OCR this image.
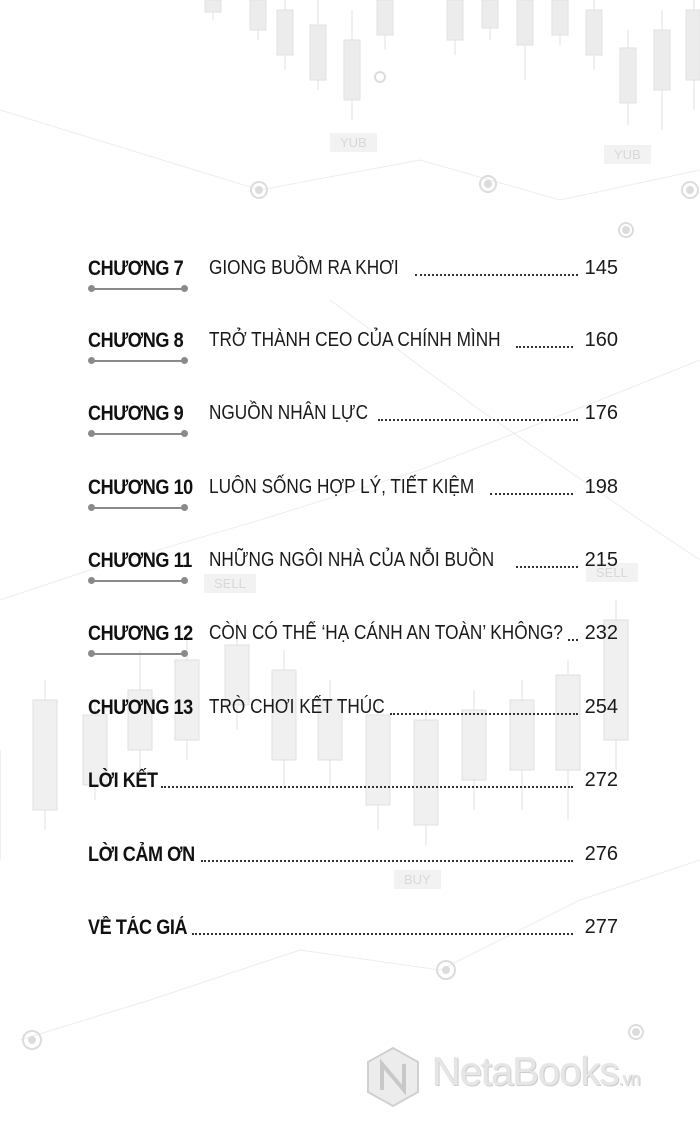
YUB
YUB
SELL
SELL
BUY
CHƯƠNG 7 GIONG BUỒM RA KHƠI	145
CHƯƠNG 8 TRỞ THÀNH CEO CỦA CHÍNH MÌNH	160
CHƯƠNG 9 NGUỒN NHÂN LỰC	176
CHƯƠNG 10 LUÔN SỐNG HỢP LÝ, TIẾT KIỆM	198
CHƯƠNG 11 NHỮNG NGÔI NHÀ CỦA NỖI BUỒN	215
CHƯƠNG 12 CÒN CÓ THỂ ‘HẠ CÁNH AN TOÀN’ KHÔNG? 232
CHƯƠNG 13 TRÒ CHƠI KẾT THÚC	254
LỜI KẾT	272
LỜI CẢM ƠN	276
VỀ TÁC GIẢ	277
NetaBooks.vn
